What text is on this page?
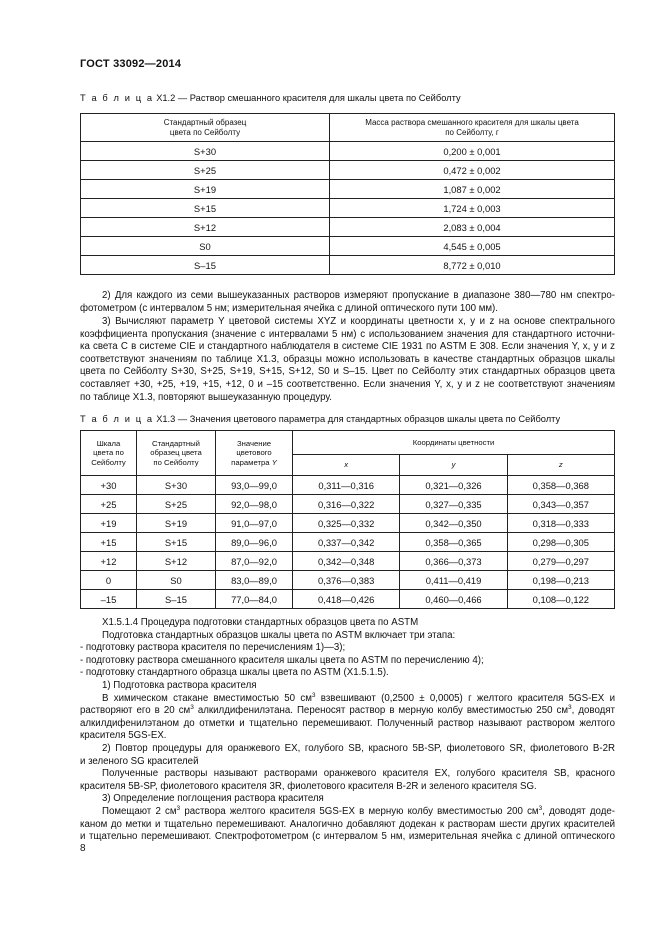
ГОСТ 33092—2014
Т а б л и ц а Х1.2 — Раствор смешанного красителя для шкалы цвета по Сейболту
Стандартный образец
цвета по Сейболту	Масса раствора смешанного красителя для шкалы цвета
по Сейболту, г
S+30	0,200 ± 0,001
S+25	0,472 ± 0,002
S+19	1,087 ± 0,002
S+15	1,724 ± 0,003
S+12	2,083 ± 0,004
S0	4,545 ± 0,005
S–15	8,772 ± 0,010

2) Для каждого из семи вышеуказанных растворов измеряют пропускание в диапазоне 380—780 нм спектро-

фотометром (с интервалом 5 нм; измерительная ячейка с длиной оптического пути 100 мм).

3) Вычисляют параметр Y цветовой системы XYZ и координаты цветности x, y и z на основе спектрального

коэффициента пропускания (значение с интервалами 5 нм) с использованием значения для стандартного источни-

ка света C в системе CIE и стандартного наблюдателя в системе CIE 1931 по ASTM E 308. Если значения Y, x, y и z

соответствуют значениям по таблице Х1.3, образцы можно использовать в качестве стандартных образцов шкалы

цвета по Сейболту S+30, S+25, S+19, S+15, S+12, S0 и S–15. Цвет по Сейболту этих стандартных образцов цвета

составляет +30, +25, +19, +15, +12, 0 и –15 соответственно. Если значения Y, x, y и z не соответствуют значениям

по таблице Х1.3, повторяют вышеуказанную процедуру.

Т а б л и ц а Х1.3 — Значения цветового параметра для стандартных образцов шкалы цвета по Сейболту
Шкала
цвета по
Сейболту	Стандартный
образец цвета
по Сейболту	Значение
цветового
параметра Y	Координаты цветности		
			x	y	z
+30	S+30	93,0—99,0	0,311—0,316	0,321—0,326	0,358—0,368
+25	S+25	92,0—98,0	0,316—0,322	0,327—0,335	0,343—0,357
+19	S+19	91,0—97,0	0,325—0,332	0,342—0,350	0,318—0,333
+15	S+15	89,0—96,0	0,337—0,342	0,358—0,365	0,298—0,305
+12	S+12	87,0—92,0	0,342—0,348	0,366—0,373	0,279—0,297
0	S0	83,0—89,0	0,376—0,383	0,411—0,419	0,198—0,213
–15	S–15	77,0—84,0	0,418—0,426	0,460—0,466	0,108—0,122

Х1.5.1.4 Процедура подготовки стандартных образцов цвета по ASTM

Подготовка стандартных образцов шкалы цвета по ASTM включает три этапа:

- подготовку раствора красителя по перечислениям 1)—3);

- подготовку раствора смешанного красителя шкалы цвета по ASTM по перечислению 4);

- подготовку стандартного образца шкалы цвета по ASTM (Х1.5.1.5).

1) Подготовка раствора красителя

В химическом стакане вместимостью 50 $см^3$ взвешивают (0,2500 ± 0,0005) г желтого красителя 5GS-EX и

растворяют его в 20 $см^3$ алкилдифенилэтана. Переносят раствор в мерную колбу вместимостью 250 $см^3$, доводят

алкилдифенилэтаном до отметки и тщательно перемешивают. Полученный раствор называют раствором желтого

красителя 5GS-EX.

2) Повтор процедуры для оранжевого EX, голубого SB, красного 5B-SP, фиолетового SR, фиолетового B-2R

и зеленого SG красителей

Полученные растворы называют растворами оранжевого красителя EX, голубого красителя SB, красного

красителя 5B-SP, фиолетового красителя 3R, фиолетового красителя B-2R и зеленого красителя SG.

3) Определение поглощения раствора красителя

Помещают 2 $см^3$ раствора желтого красителя 5GS-EX в мерную колбу вместимостью 200 $см^3$, доводят доде-

каном до метки и тщательно перемешивают. Аналогично добавляют додекан к растворам шести других красителей

и тщательно перемешивают. Спектрофотометром (с интервалом 5 нм, измерительная ячейка с длиной оптического

8
